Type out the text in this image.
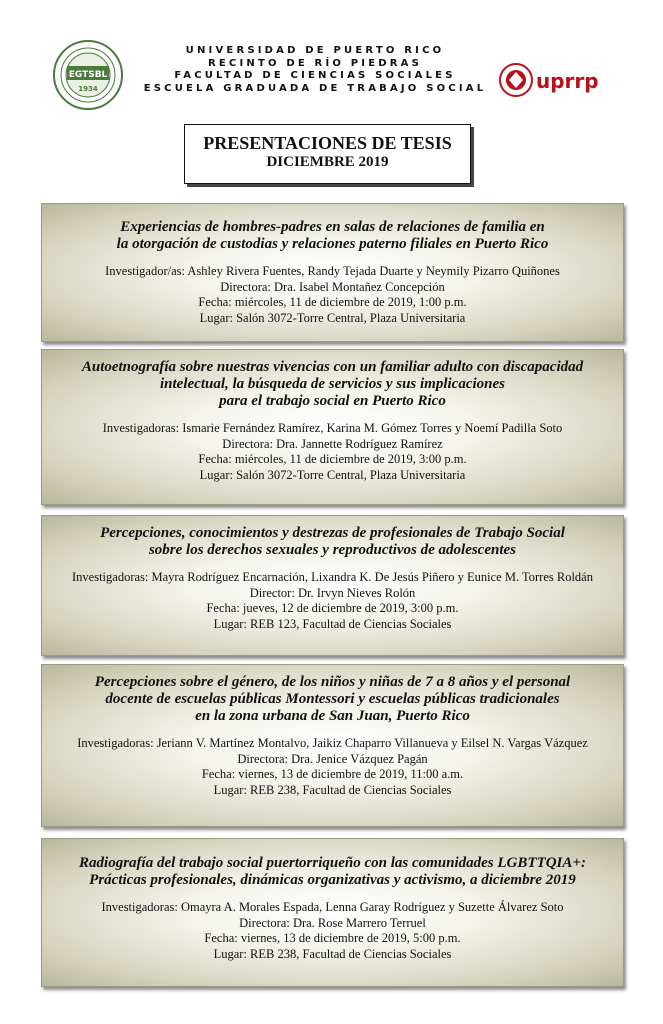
EGTSBL
1934
UNIVERSIDAD DE PUERTO RICO
RECINTO DE RÍO PIEDRAS
FACULTAD DE CIENCIAS SOCIALES
ESCUELA GRADUADA DE TRABAJO SOCIAL uprrp
PRESENTACIONES DE TESIS
DICIEMBRE 2019
Experiencias de hombres-padres en salas de relaciones de familia en
la otorgación de custodias y relaciones paterno filiales en Puerto Rico
Investigador/as: Ashley Rivera Fuentes, Randy Tejada Duarte y Neymily Pizarro Quiñones
Directora: Dra. Isabel Montañez Concepción
Fecha: miércoles, 11 de diciembre de 2019, 1:00 p.m.
Lugar: Salón 3072-Torre Central, Plaza Universitaria
Autoetnografía sobre nuestras vivencias con un familiar adulto con discapacidad
intelectual, la búsqueda de servicios y sus implicaciones
para el trabajo social en Puerto Rico
Investigadoras: Ismarie Fernández Ramírez, Karina M. Gómez Torres y Noemí Padilla Soto
Directora: Dra. Jannette Rodríguez Ramírez
Fecha: miércoles, 11 de diciembre de 2019, 3:00 p.m.
Lugar: Salón 3072-Torre Central, Plaza Universitaria
Percepciones, conocimientos y destrezas de profesionales de Trabajo Social
sobre los derechos sexuales y reproductivos de adolescentes
Investigadoras: Mayra Rodríguez Encarnación, Lixandra K. De Jesús Piñero y Eunice M. Torres Roldán
Director: Dr. Irvyn Nieves Rolón
Fecha: jueves, 12 de diciembre de 2019, 3:00 p.m.
Lugar: REB 123, Facultad de Ciencias Sociales
Percepciones sobre el género, de los niños y niñas de 7 a 8 años y el personal
docente de escuelas públicas Montessori y escuelas públicas tradicionales
en la zona urbana de San Juan, Puerto Rico
Investigadoras: Jeriann V. Martínez Montalvo, Jaikiz Chaparro Villanueva y Eilsel N. Vargas Vázquez
Directora: Dra. Jenice Vázquez Pagán
Fecha: viernes, 13 de diciembre de 2019, 11:00 a.m.
Lugar: REB 238, Facultad de Ciencias Sociales
Radiografía del trabajo social puertorriqueño con las comunidades LGBTTQIA+:
Prácticas profesionales, dinámicas organizativas y activismo, a diciembre 2019
Investigadoras: Omayra A. Morales Espada, Lenna Garay Rodríguez y Suzette Álvarez Soto
Directora: Dra. Rose Marrero Terruel
Fecha: viernes, 13 de diciembre de 2019, 5:00 p.m.
Lugar: REB 238, Facultad de Ciencias Sociales
